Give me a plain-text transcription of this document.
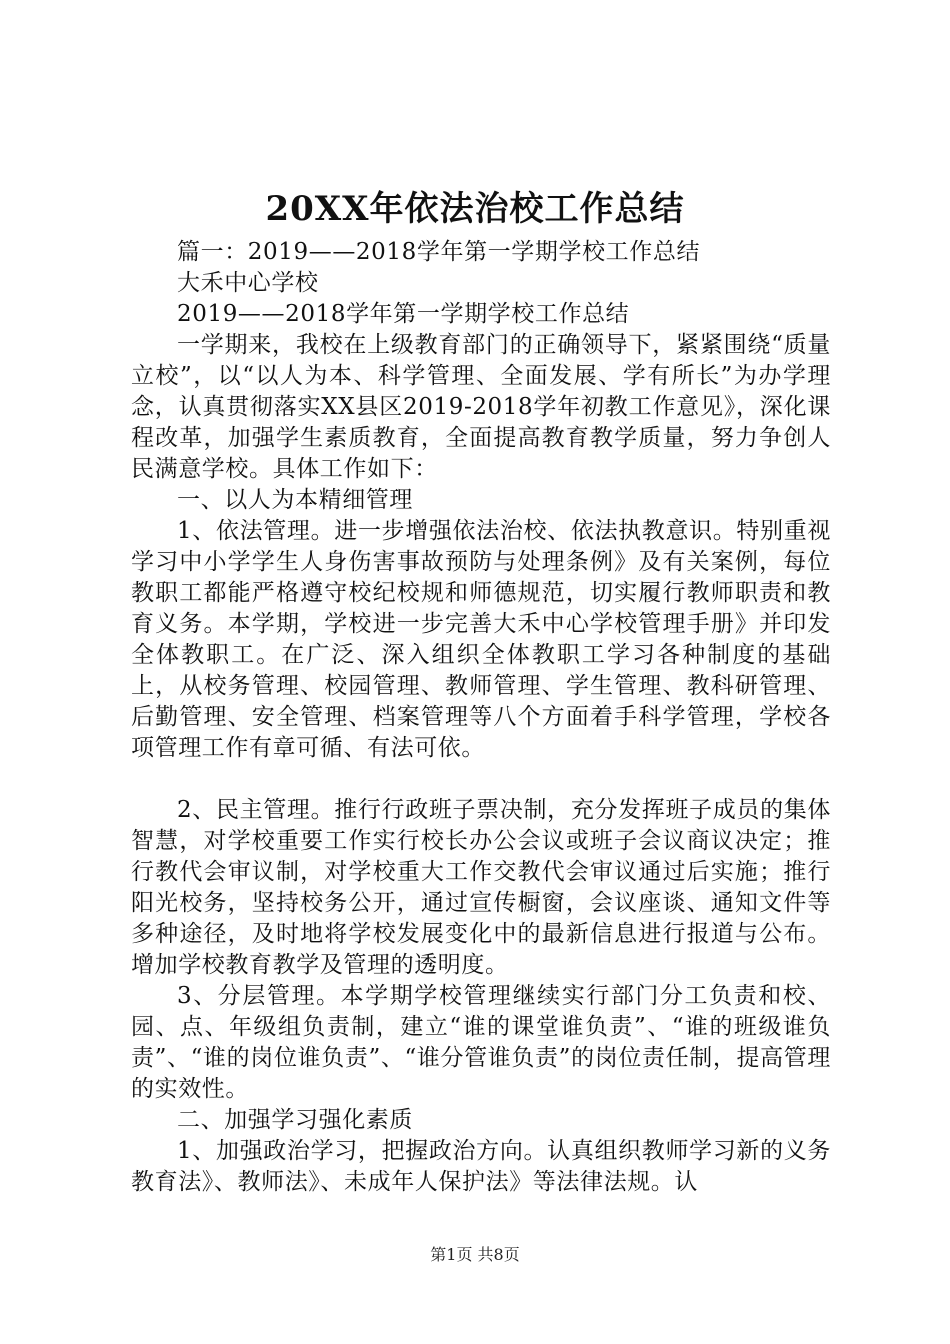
20XX年依法治校工作总结

篇一：2019——2018学年第一学期学校工作总结

大禾中心学校

2019——2018学年第一学期学校工作总结

一学期来，我校在上级教育部门的正确领导下，紧紧围绕“质量立校”，以“以人为本、科学管理、全面发展、学有所长”为办学理念，认真贯彻落实XX县区2019-2018学年初教工作意见》，深化课程改革，加强学生素质教育，全面提高教育教学质量，努力争创人民满意学校。具体工作如下：

一、以人为本精细管理

1、依法管理。进一步增强依法治校、依法执教意识。特别重视学习中小学学生人身伤害事故预防与处理条例》及有关案例，每位教职工都能严格遵守校纪校规和师德规范，切实履行教师职责和教育义务。本学期，学校进一步完善大禾中心学校管理手册》并印发全体教职工。在广泛、深入组织全体教职工学习各种制度的基础上，从校务管理、校园管理、教师管理、学生管理、教科研管理、后勤管理、安全管理、档案管理等八个方面着手科学管理，学校各项管理工作有章可循、有法可依。

2、民主管理。推行行政班子票决制，充分发挥班子成员的集体智慧，对学校重要工作实行校长办公会议或班子会议商议决定；推行教代会审议制，对学校重大工作交教代会审议通过后实施；推行阳光校务，坚持校务公开，通过宣传橱窗，会议座谈、通知文件等多种途径，及时地将学校发展变化中的最新信息进行报道与公布。增加学校教育教学及管理的透明度。

3、分层管理。本学期学校管理继续实行部门分工负责和校、园、点、年级组负责制，建立“谁的课堂谁负责”、“谁的班级谁负责”、“谁的岗位谁负责”、“谁分管谁负责”的岗位责任制，提高管理的实效性。

二、加强学习强化素质

1、加强政治学习，把握政治方向。认真组织教师学习新的义务教育法》、教师法》、未成年人保护法》等法律法规。认

第1页 共8页
